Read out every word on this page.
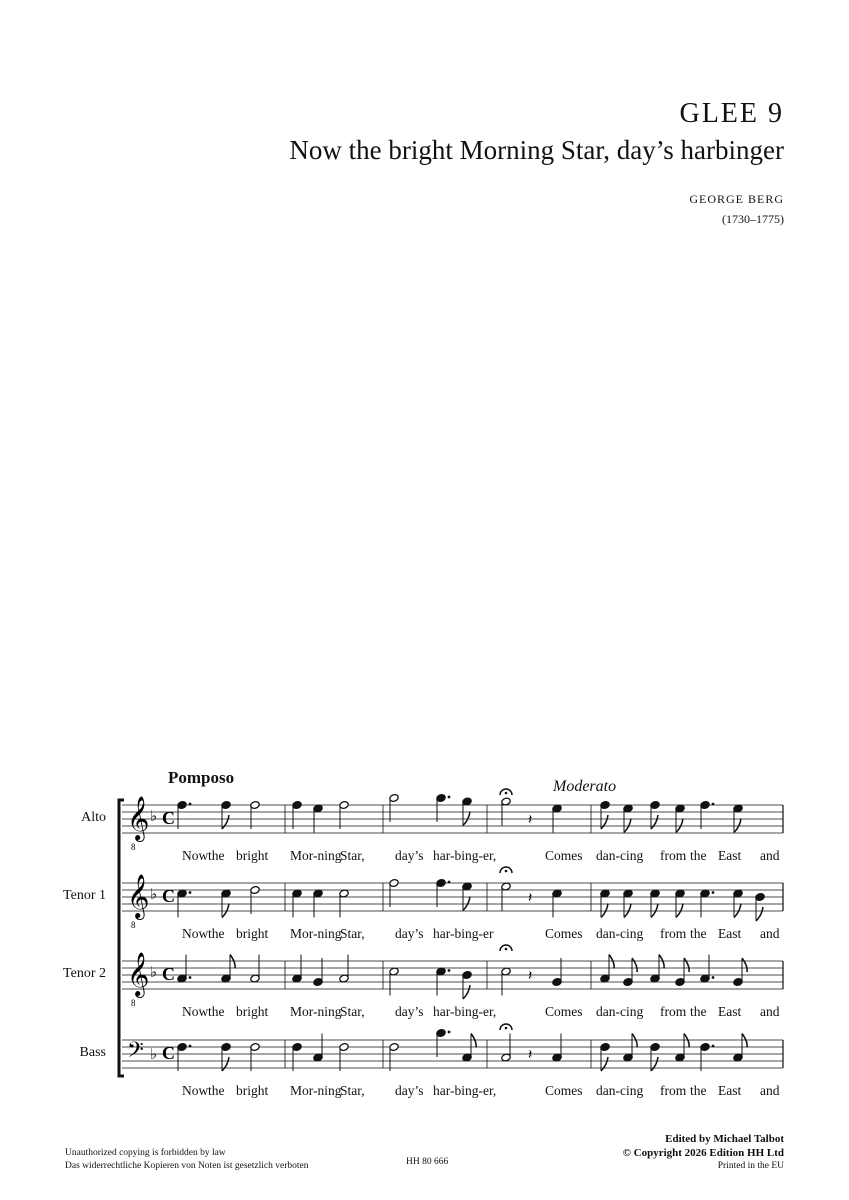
GLEE 9
Now the bright Morning Star, day’s harbinger
GEORGE BERG
(1730–1775)
Pomposo	Moderato
𝄞
8
♭ C	𝄽
𝄞
8
♭ C	𝄽
𝄞
8
♭ C	𝄽
𝄢 ♭ C	𝄽
Alto
Now the bright Mor-ning
Star, day’s har-bing-er,	Comes dan-cing from the East and
Tenor 1
Now the bright Mor-ning
Star, day’s har-bing-er	Comes dan-cing from the East and
Tenor 2
Now the bright Mor-ning
Star, day’s har-bing-er,	Comes dan-cing from the East and
Bass
Now the bright Mor-ning
Star, day’s har-bing-er,	Comes dan-cing from the East and
Unauthorized copying is forbidden by law
Das widerrechtliche Kopieren von Noten ist gesetzlich verboten	HH 80 666
Edited by Michael Talbot
© Copyright 2026 Edition HH Ltd
Printed in the EU
